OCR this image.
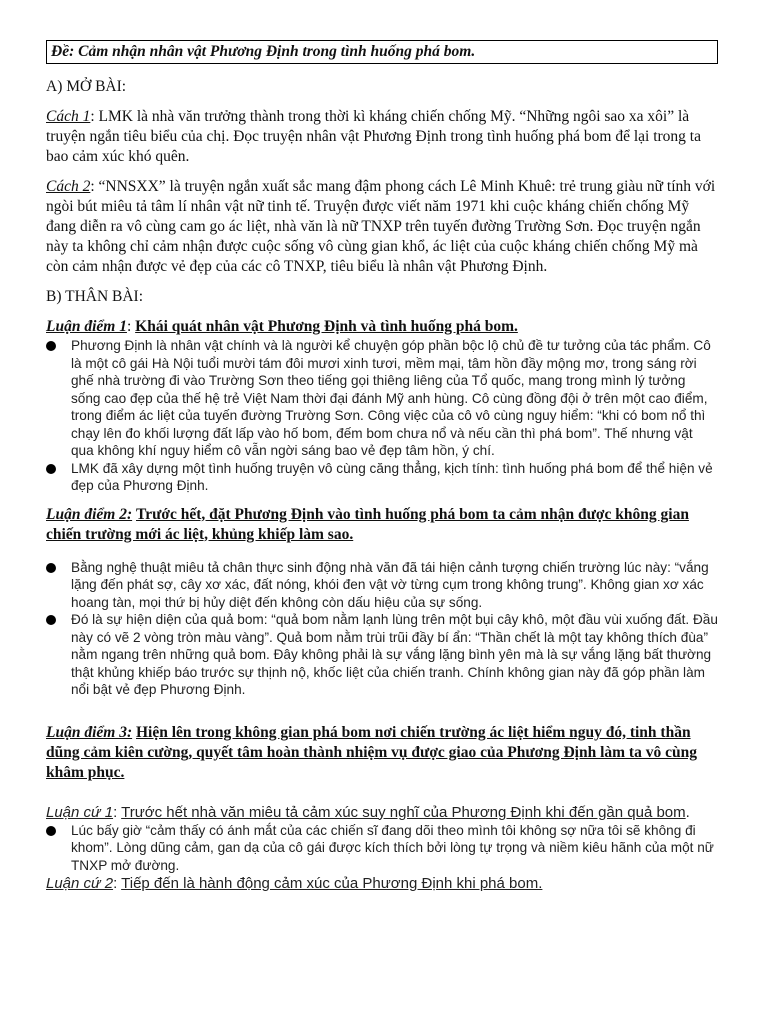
Đề: Cảm nhận nhân vật Phương Định trong tình huống phá bom.

A) MỞ BÀI:

Cách 1: LMK là nhà văn trưởng thành trong thời kì kháng chiến chống Mỹ. “Những ngôi sao xa xôi” là truyện ngắn tiêu biểu của chị. Đọc truyện nhân vật Phương Định trong tình huống phá bom để lại trong ta bao cảm xúc khó quên.

Cách 2: “NNSXX” là truyện ngắn xuất sắc mang đậm phong cách Lê Minh Khuê: trẻ trung giàu nữ tính với ngòi bút miêu tả tâm lí nhân vật nữ tinh tế. Truyện được viết năm 1971 khi cuộc kháng chiến chống Mỹ đang diễn ra vô cùng cam go ác liệt, nhà văn là nữ TNXP trên tuyến đường Trường Sơn. Đọc truyện ngắn này ta không chỉ cảm nhận được cuộc sống vô cùng gian khổ, ác liệt của cuộc kháng chiến chống Mỹ mà còn cảm nhận được vẻ đẹp của các cô TNXP, tiêu biểu là nhân vật Phương Định.

B) THÂN BÀI:

Luận điểm 1: Khái quát nhân vật Phương Định và tình huống phá bom.

Phương Định là nhân vật chính và là người kể chuyện góp phần bộc lộ chủ đề tư tưởng của tác phẩm. Cô là một cô gái Hà Nội tuổi mười tám đôi mươi xinh tươi, mềm mại, tâm hồn đầy mộng mơ, trong sáng rời ghế nhà trường đi vào Trường Sơn theo tiếng gọi thiêng liêng của Tổ quốc, mang trong mình lý tưởng sống cao đẹp của thế hệ trẻ Việt Nam thời đại đánh Mỹ anh hùng. Cô cùng đồng đội ở trên một cao điểm, trong điểm ác liệt của tuyến đường Trường Sơn. Công việc của cô vô cùng nguy hiểm: “khi có bom nổ thì chạy lên đo khối lượng đất lấp vào hố bom, đếm bom chưa nổ và nếu cần thì phá bom”. Thế nhưng vật qua không khí nguy hiểm cô vẫn ngời sáng bao vẻ đẹp tâm hồn, ý chí.
LMK đã xây dựng một tình huống truyện vô cùng căng thẳng, kịch tính: tình huống phá bom để thể hiện vẻ đẹp của Phương Định.

Luận điểm 2: Trước hết, đặt Phương Định vào tình huống phá bom ta cảm nhận được không gian chiến trường mới ác liệt, khủng khiếp làm sao.

Bằng nghệ thuật miêu tả chân thực sinh động nhà văn đã tái hiện cảnh tượng chiến trường lúc này: “vắng lặng đến phát sợ, cây xơ xác, đất nóng, khói đen vật vờ từng cụm trong không trung”. Không gian xơ xác hoang tàn, mọi thứ bị hủy diệt đến không còn dấu hiệu của sự sống.
Đó là sự hiện diện của quả bom: “quả bom nằm lạnh lùng trên một bụi cây khô, một đầu vùi xuống đất. Đầu này có vẽ 2 vòng tròn màu vàng”. Quả bom nằm trùi trũi đầy bí ẩn: “Thần chết là một tay không thích đùa” nằm ngang trên những quả bom. Đây không phải là sự vắng lặng bình yên mà là sự vắng lặng bất thường thật khủng khiếp báo trước sự thịnh nộ, khốc liệt của chiến tranh. Chính không gian này đã góp phần làm nổi bật vẻ đẹp Phương Định.

Luận điểm 3: Hiện lên trong không gian phá bom nơi chiến trường ác liệt hiểm nguy đó, tinh thần dũng cảm kiên cường, quyết tâm hoàn thành nhiệm vụ được giao của Phương Định làm ta vô cùng khâm phục.

Luận cứ 1: Trước hết nhà văn miêu tả cảm xúc suy nghĩ của Phương Định khi đến gần quả bom.

Lúc bấy giờ “cảm thấy có ánh mắt của các chiến sĩ đang dõi theo mình tôi không sợ nữa tôi sẽ không đi khom”. Lòng dũng cảm, gan dạ của cô gái được kích thích bởi lòng tự trọng và niềm kiêu hãnh của một nữ TNXP mở đường.

Luận cứ 2: Tiếp đến là hành động cảm xúc của Phương Định khi phá bom.
